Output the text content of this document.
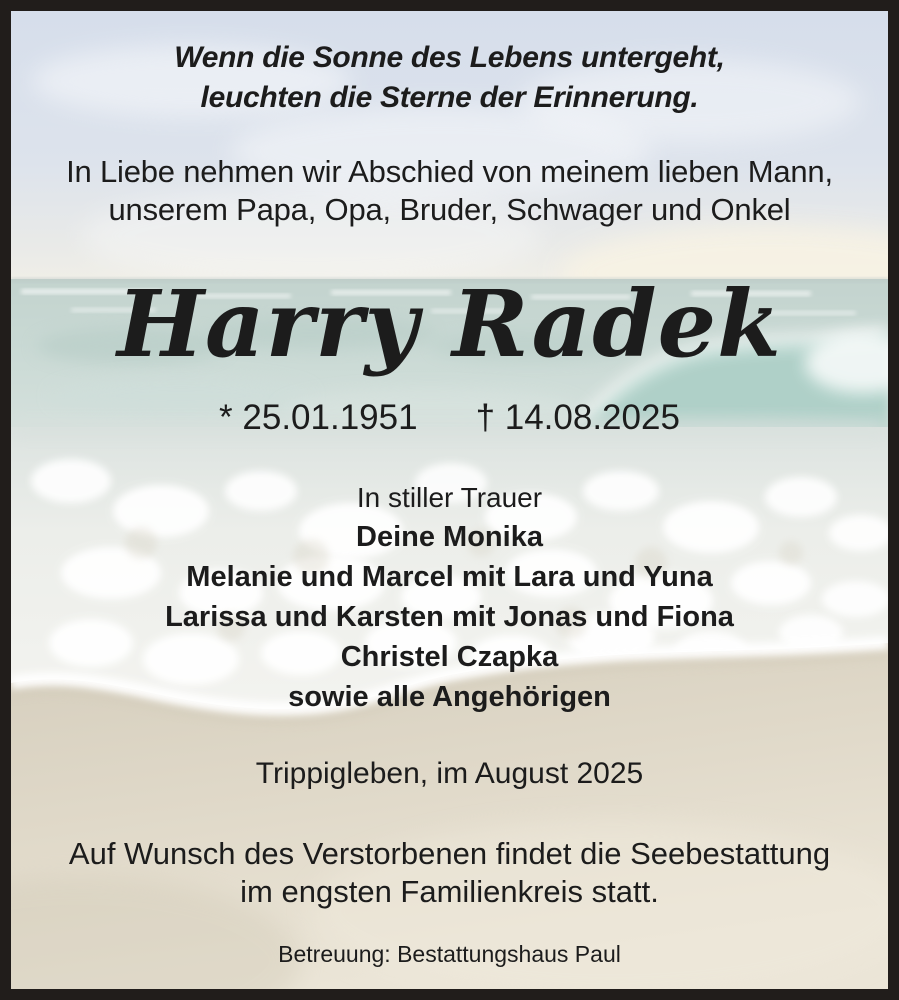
Wenn die Sonne des Lebens untergeht,
leuchten die Sterne der Erinnerung.
In Liebe nehmen wir Abschied von meinem lieben Mann,
unserem Papa, Opa, Bruder, Schwager und Onkel
Harry Radek
* 25.01.1951 † 14.08.2025
In stiller Trauer
Deine Monika
Melanie und Marcel mit Lara und Yuna
Larissa und Karsten mit Jonas und Fiona
Christel Czapka
sowie alle Angehörigen
Trippigleben, im August 2025
Auf Wunsch des Verstorbenen findet die Seebestattung
im engsten Familienkreis statt.
Betreuung: Bestattungshaus Paul
